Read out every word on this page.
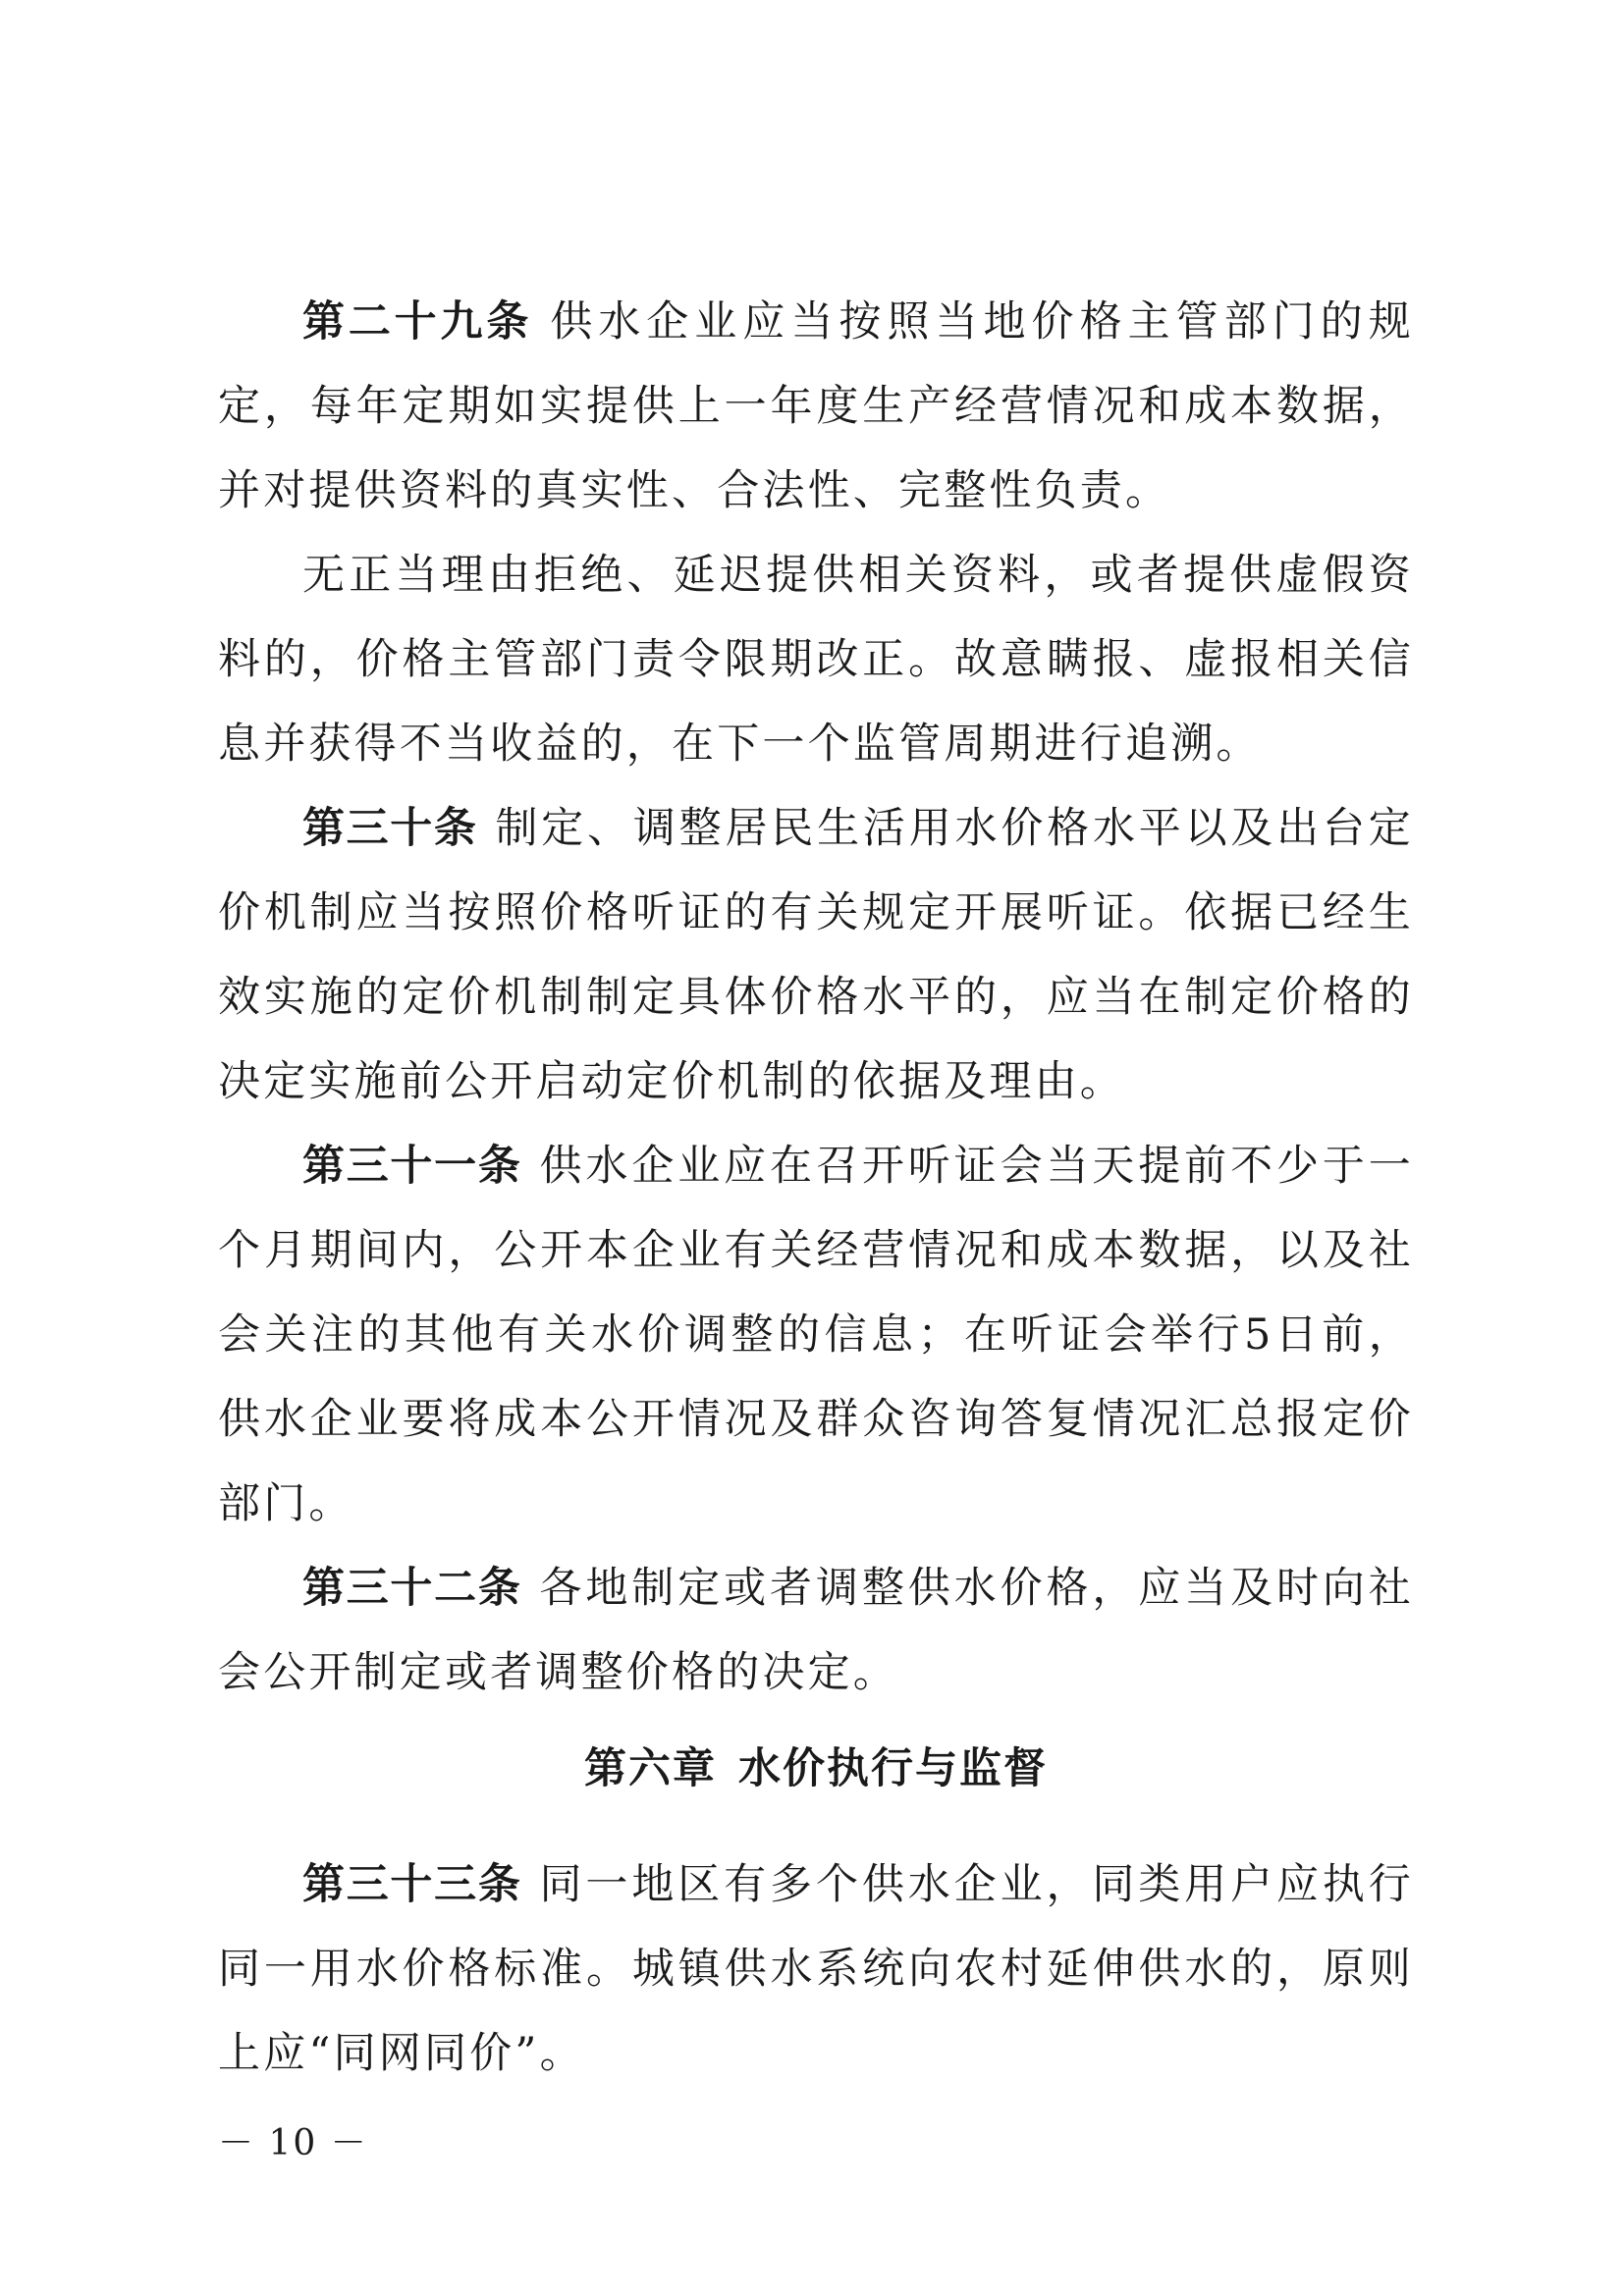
第二十九条 供水企业应当按照当地价格主管部门的规定，每年定期如实提供上一年度生产经营情况和成本数据，并对提供资料的真实性、合法性、完整性负责。

无正当理由拒绝、延迟提供相关资料，或者提供虚假资料的，价格主管部门责令限期改正。故意瞒报、虚报相关信息并获得不当收益的，在下一个监管周期进行追溯。

第三十条 制定、调整居民生活用水价格水平以及出台定价机制应当按照价格听证的有关规定开展听证。依据已经生效实施的定价机制制定具体价格水平的，应当在制定价格的决定实施前公开启动定价机制的依据及理由。

第三十一条 供水企业应在召开听证会当天提前不少于一个月期间内，公开本企业有关经营情况和成本数据，以及社会关注的其他有关水价调整的信息；在听证会举行5日前，供水企业要将成本公开情况及群众咨询答复情况汇总报定价部门。

第三十二条 各地制定或者调整供水价格，应当及时向社会公开制定或者调整价格的决定。

第六章 水价执行与监督

第三十三条 同一地区有多个供水企业，同类用户应执行同一用水价格标准。城镇供水系统向农村延伸供水的，原则上应“同网同价”。

－ 10 －
